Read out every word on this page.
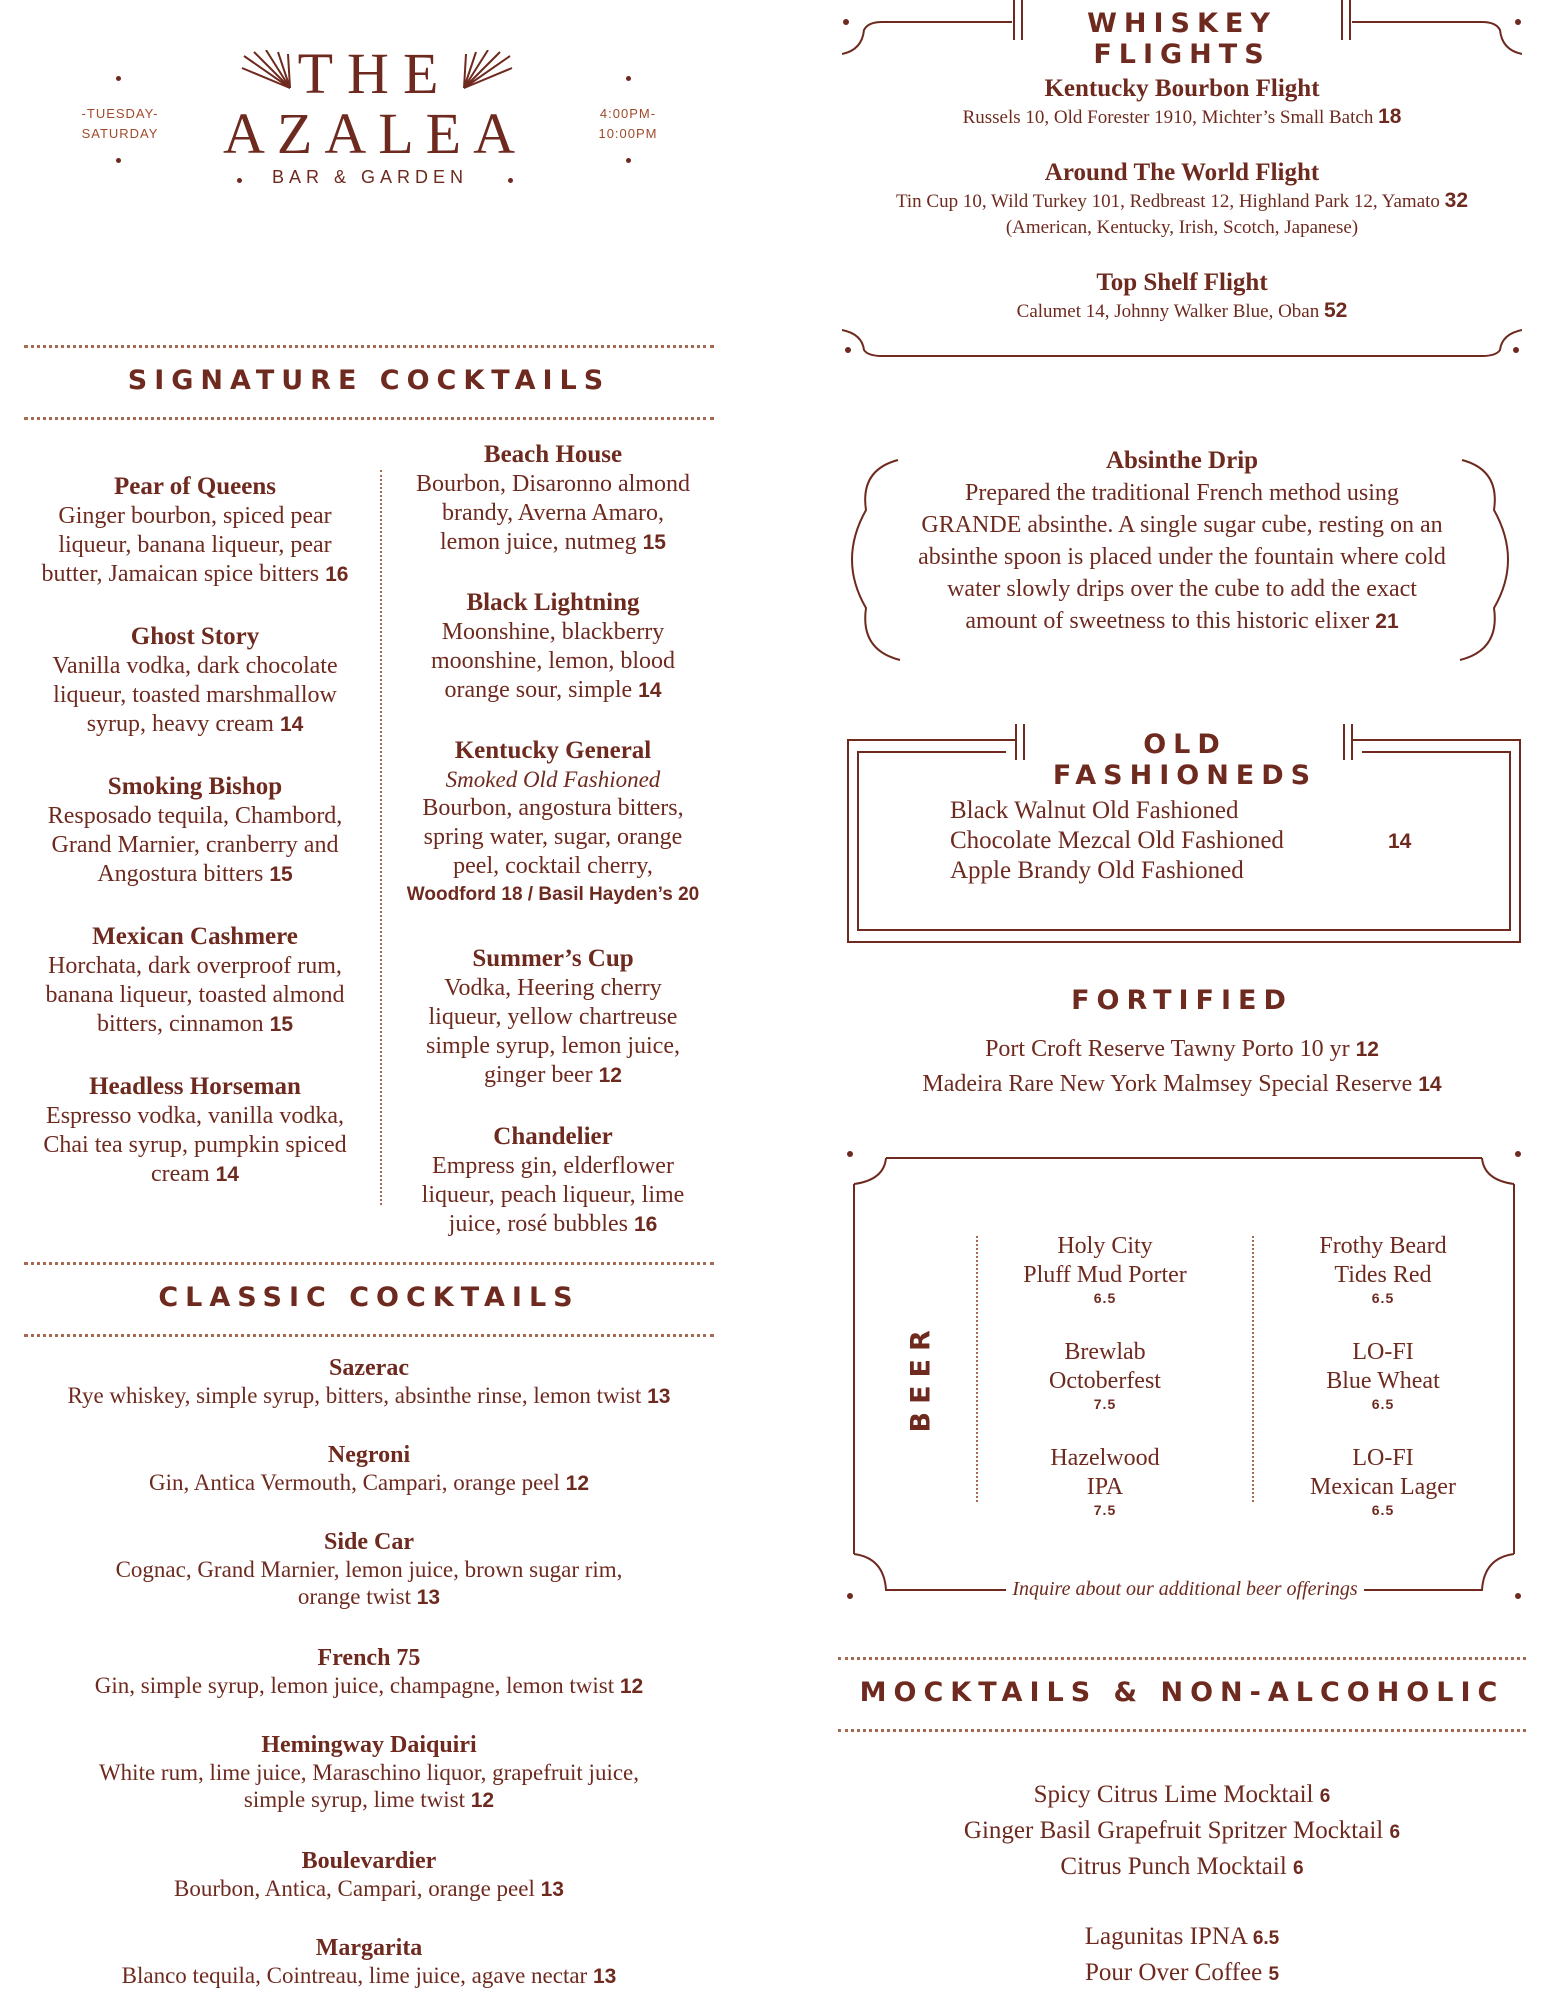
-TUESDAY-
SATURDAY
4:00PM-
10:00PM
THE
AZALEA
BAR & GARDEN
SIGNATURE COCKTAILS
Pear of Queens
Ginger bourbon, spiced pear
liqueur, banana liqueur, pear
butter, Jamaican spice bitters 16
Ghost Story
Vanilla vodka, dark chocolate
liqueur, toasted marshmallow
syrup, heavy cream 14
Smoking Bishop
Resposado tequila, Chambord,
Grand Marnier, cranberry and
Angostura bitters 15
Mexican Cashmere
Horchata, dark overproof rum,
banana liqueur, toasted almond
bitters, cinnamon 15
Headless Horseman
Espresso vodka, vanilla vodka,
Chai tea syrup, pumpkin spiced
cream 14
Beach House
Bourbon, Disaronno almond
brandy, Averna Amaro,
lemon juice, nutmeg 15
Black Lightning
Moonshine, blackberry
moonshine, lemon, blood
orange sour, simple 14
Kentucky General
Smoked Old Fashioned
Bourbon, angostura bitters,
spring water, sugar, orange
peel, cocktail cherry,
Woodford 18 / Basil Hayden’s 20
Summer’s Cup
Vodka, Heering cherry
liqueur, yellow chartreuse
simple syrup, lemon juice,
ginger beer 12
Chandelier
Empress gin, elderflower
liqueur, peach liqueur, lime
juice, rosé bubbles 16
CLASSIC COCKTAILS
Sazerac
Rye whiskey, simple syrup, bitters, absinthe rinse, lemon twist 13
Negroni
Gin, Antica Vermouth, Campari, orange peel 12
Side Car
Cognac, Grand Marnier, lemon juice, brown sugar rim,
orange twist 13
French 75
Gin, simple syrup, lemon juice, champagne, lemon twist 12
Hemingway Daiquiri
White rum, lime juice, Maraschino liquor, grapefruit juice,
simple syrup, lime twist 12
Boulevardier
Bourbon, Antica, Campari, orange peel 13
Margarita
Blanco tequila, Cointreau, lime juice, agave nectar 13
WHISKEY FLIGHTS
Kentucky Bourbon Flight
Russels 10, Old Forester 1910, Michter’s Small Batch 18
Around The World Flight
Tin Cup 10, Wild Turkey 101, Redbreast 12, Highland Park 12, Yamato 32
(American, Kentucky, Irish, Scotch, Japanese)
Top Shelf Flight
Calumet 14, Johnny Walker Blue, Oban 52
Absinthe Drip
Prepared the traditional French method using
GRANDE absinthe. A single sugar cube, resting on an
absinthe spoon is placed under the fountain where cold
water slowly drips over the cube to add the exact
amount of sweetness to this historic elixer 21
OLD FASHIONEDS
Black Walnut Old Fashioned
Chocolate Mezcal Old Fashioned
Apple Brandy Old Fashioned
14
FORTIFIED
Port Croft Reserve Tawny Porto 10 yr 12
Madeira Rare New York Malmsey Special Reserve 14
BEER
Holy City
Pluff Mud Porter
6.5
Brewlab
Octoberfest
7.5
Hazelwood
IPA
7.5
Frothy Beard
Tides Red
6.5
LO-FI
Blue Wheat
6.5
LO-FI
Mexican Lager
6.5
Inquire about our additional beer offerings
MOCKTAILS & NON-ALCOHOLIC
Spicy Citrus Lime Mocktail 6
Ginger Basil Grapefruit Spritzer Mocktail 6
Citrus Punch Mocktail 6
Lagunitas IPNA 6.5
Pour Over Coffee 5
